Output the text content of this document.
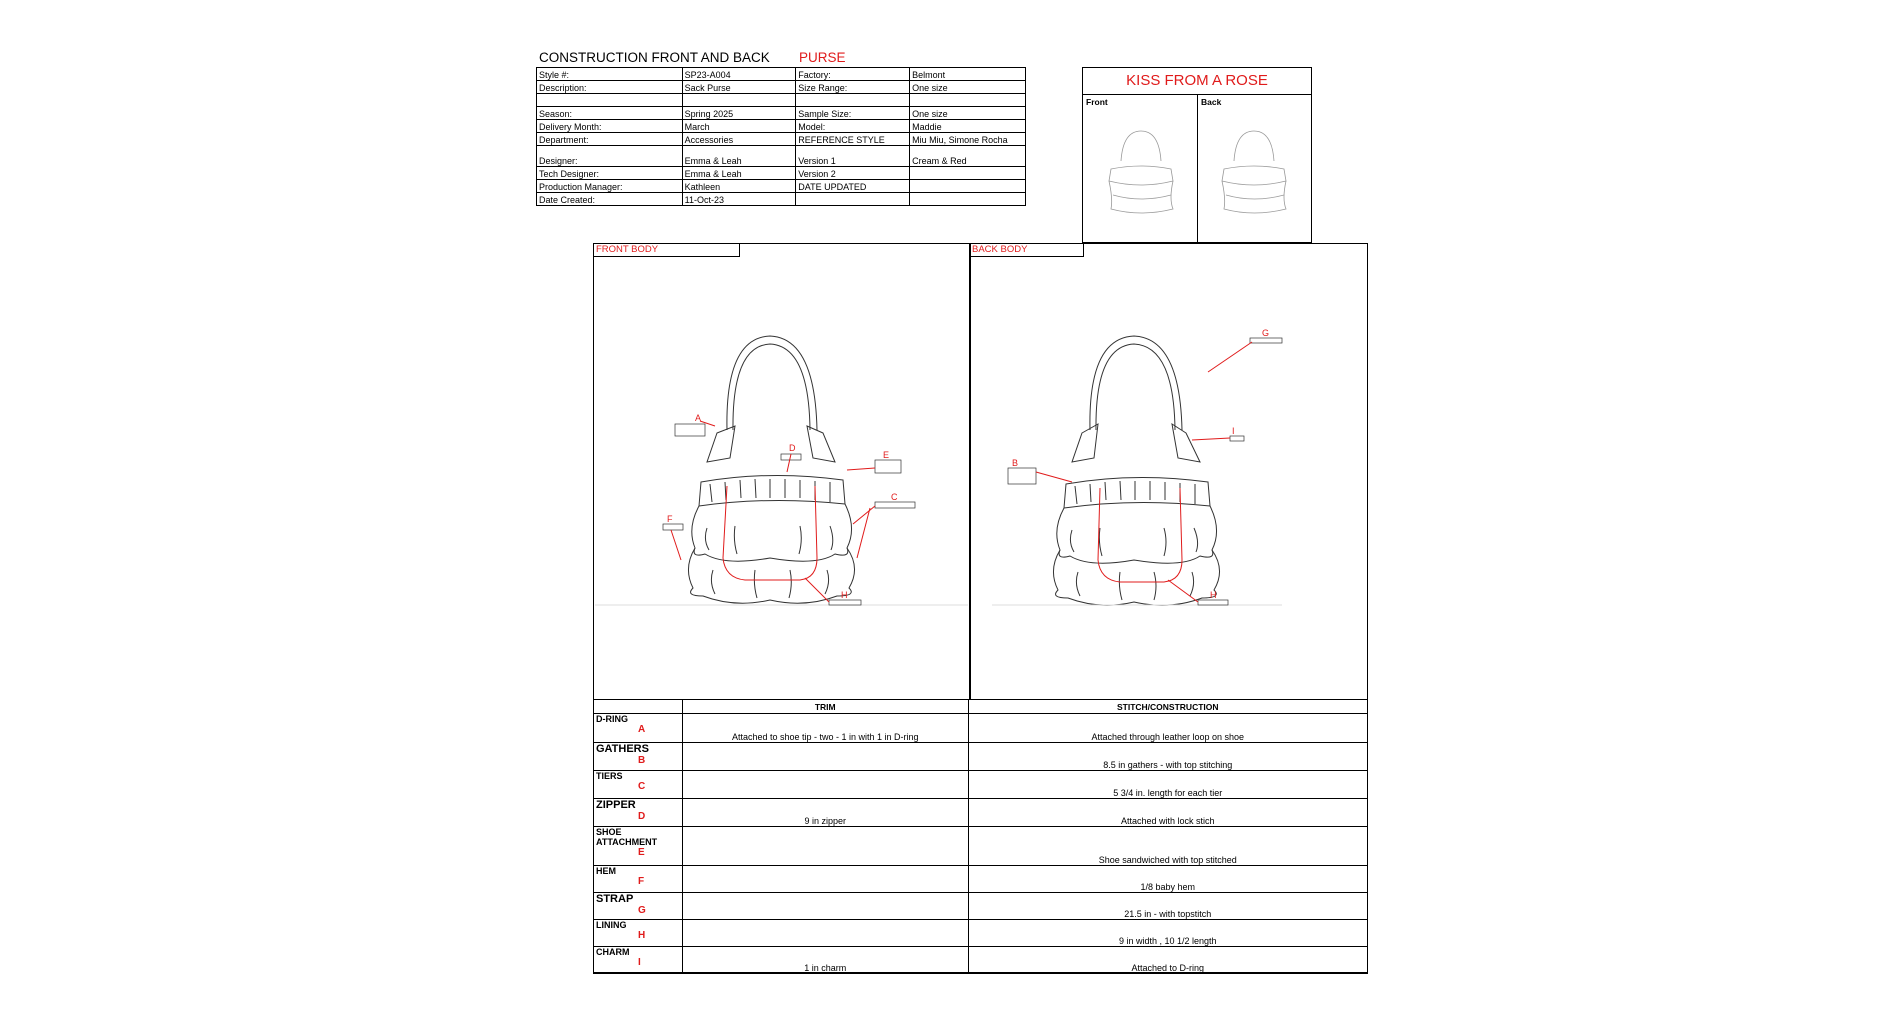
CONSTRUCTION FRONT AND BACK PURSE
Style #:	SP23-A004	Factory:	Belmont
Description:	Sack Purse	Size Range:	One size

Season:	Spring 2025	Sample Size:	One size
Delivery Month:	March	Model:	Maddie
Department:	Accessories	REFERENCE STYLE	Miu Miu, Simone Rocha
Designer:	Emma & Leah	Version 1	Cream & Red
Tech Designer:	Emma & Leah	Version 2	
Production Manager:	Kathleen	DATE UPDATED	
Date Created:	11-Oct-23		
KISS FROM A ROSE
Front	Back
FRONT BODY	BACK BODY
A
D
E
C
F
H
G
I
B
H
	TRIM	STITCH/CONSTRUCTION

D-RING
A	Attached to shoe tip - two - 1 in with 1 in D-ring	Attached through leather loop on shoe

GATHERS
B		8.5 in gathers - with top stitching

TIERS
C		5 3/4 in. length for each tier

ZIPPER
D	9 in zipper	Attached with lock stich

SHOE ATTACHMENT
E		Shoe sandwiched with top stitched

HEM
F		1/8 baby hem

STRAP
G		21.5 in - with topstitch

LINING
H		9 in width , 10 1/2 length

CHARM
I	1 in charm	Attached to D-ring
